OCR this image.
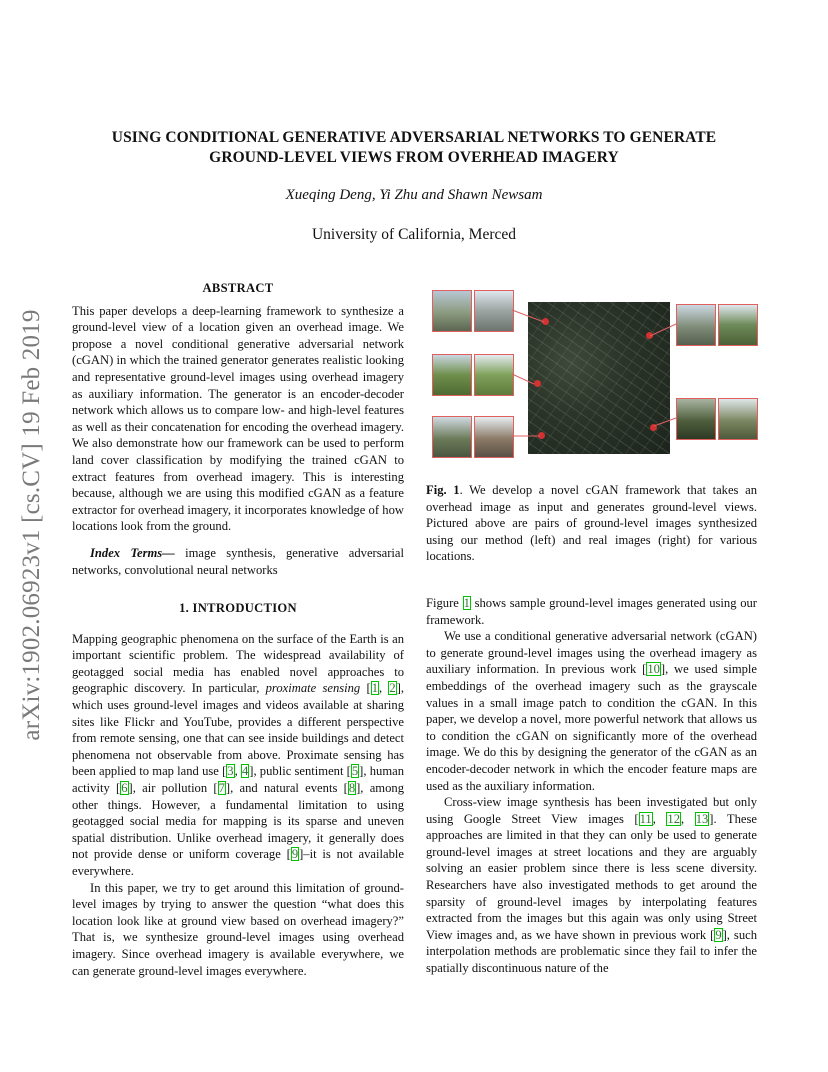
USING CONDITIONAL GENERATIVE ADVERSARIAL NETWORKS TO GENERATE
GROUND-LEVEL VIEWS FROM OVERHEAD IMAGERY
Xueqing Deng, Yi Zhu and Shawn Newsam
University of California, Merced
arXiv:1902.06923v1 [cs.CV] 19 Feb 2019
ABSTRACT

This paper develops a deep-learning framework to synthesize a ground-level view of a location given an overhead image. We propose a novel conditional generative adversarial network (cGAN) in which the trained generator generates realistic looking and representative ground-level images using overhead imagery as auxiliary information. The generator is an encoder-decoder network which allows us to compare low- and high-level features as well as their concatenation for encoding the overhead imagery. We also demonstrate how our framework can be used to perform land cover classification by modifying the trained cGAN to extract features from overhead imagery. This is interesting because, although we are using this modified cGAN as a feature extractor for overhead imagery, it incorporates knowledge of how locations look from the ground.

Index Terms— image synthesis, generative adversarial networks, convolutional neural networks

1. INTRODUCTION

Mapping geographic phenomena on the surface of the Earth is an important scientific problem. The widespread availability of geotagged social media has enabled novel approaches to geographic discovery. In particular, proximate sensing [1, 2], which uses ground-level images and videos available at sharing sites like Flickr and YouTube, provides a different perspective from remote sensing, one that can see inside buildings and detect phenomena not observable from above. Proximate sensing has been applied to map land use [3, 4], public sentiment [5], human activity [6], air pollution [7], and natural events [8], among other things. However, a fundamental limitation to using geotagged social media for mapping is its sparse and uneven spatial distribution. Unlike overhead imagery, it generally does not provide dense or uniform coverage [9]–it is not available everywhere.

In this paper, we try to get around this limitation of ground-level images by trying to answer the question “what does this location look like at ground view based on overhead imagery?” That is, we synthesize ground-level images using overhead imagery. Since overhead imagery is available everywhere, we can generate ground-level images everywhere.

Fig. 1. We develop a novel cGAN framework that takes an overhead image as input and generates ground-level views. Pictured above are pairs of ground-level images synthesized using our method (left) and real images (right) for various locations.

Figure 1 shows sample ground-level images generated using our framework.

We use a conditional generative adversarial network (cGAN) to generate ground-level images using the overhead imagery as auxiliary information. In previous work [10], we used simple embeddings of the overhead imagery such as the grayscale values in a small image patch to condition the cGAN. In this paper, we develop a novel, more powerful network that allows us to condition the cGAN on significantly more of the overhead image. We do this by designing the generator of the cGAN as an encoder-decoder network in which the encoder feature maps are used as the auxiliary information.

Cross-view image synthesis has been investigated but only using Google Street View images [11, 12, 13]. These approaches are limited in that they can only be used to generate ground-level images at street locations and they are arguably solving an easier problem since there is less scene diversity. Researchers have also investigated methods to get around the sparsity of ground-level images by interpolating features extracted from the images but this again was only using Street View images and, as we have shown in previous work [9], such interpolation methods are problematic since they fail to infer the spatially discontinuous nature of the
